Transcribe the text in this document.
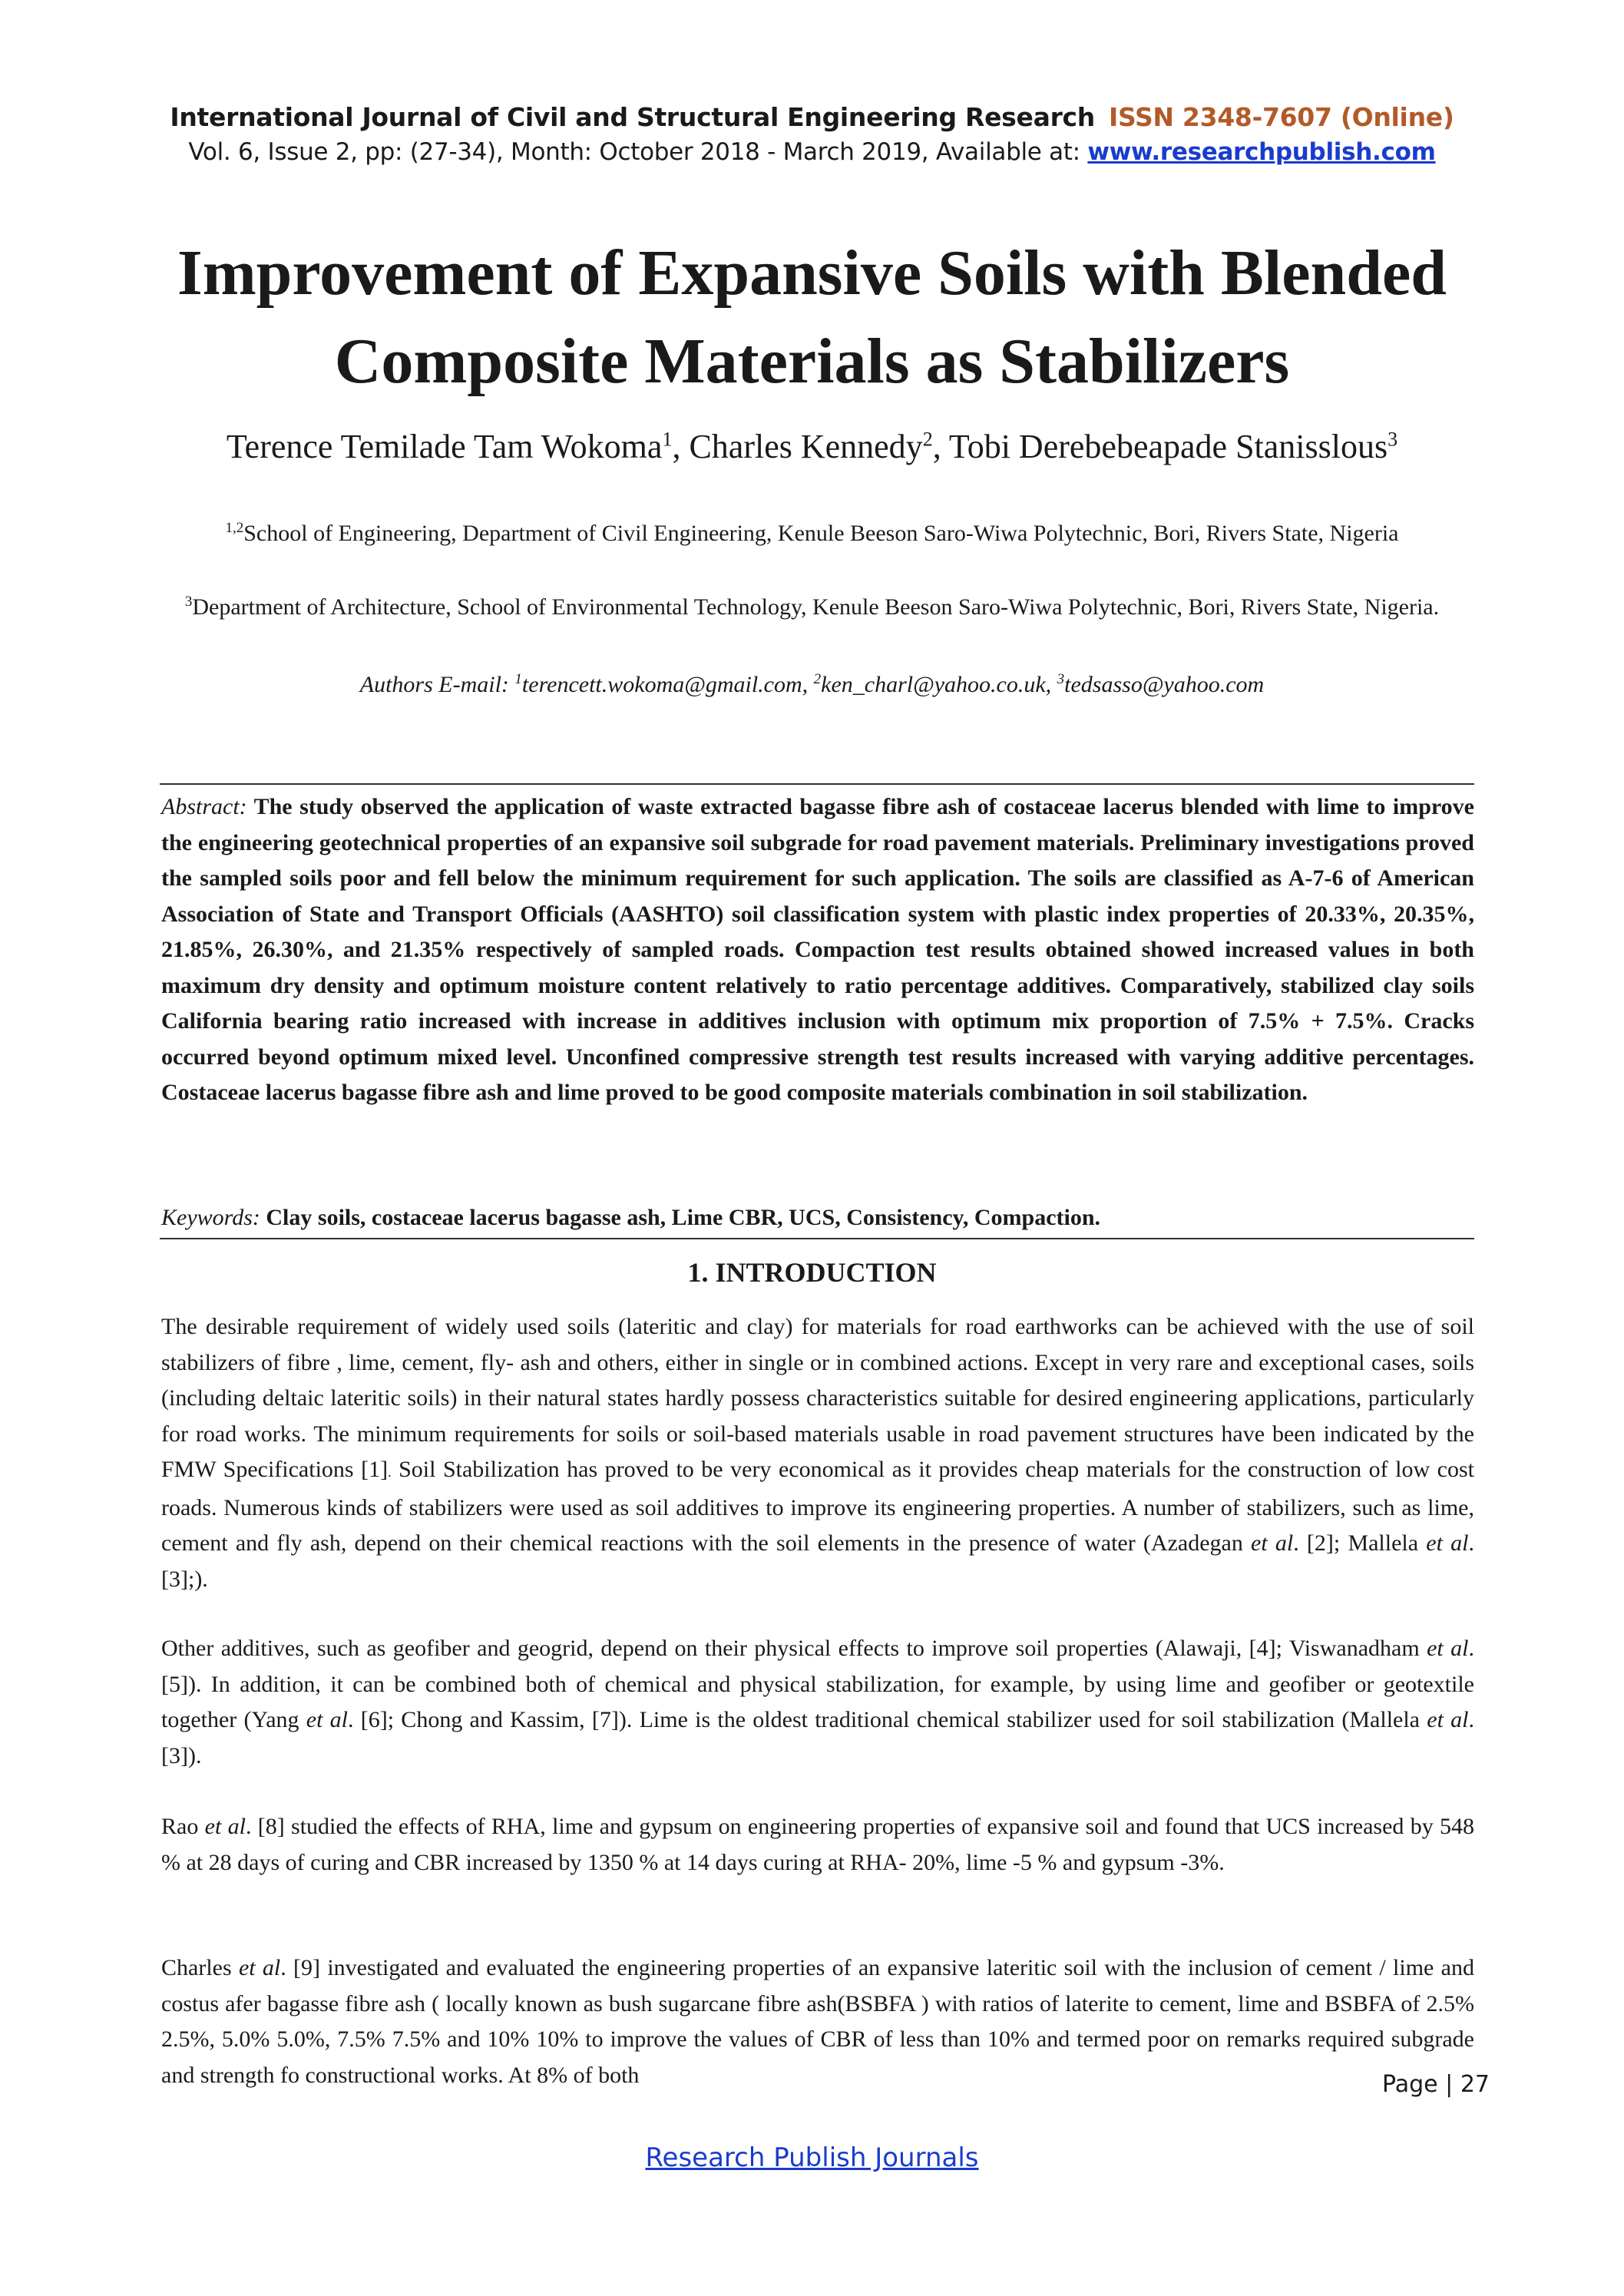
International Journal of Civil and Structural Engineering Research ISSN 2348-7607 (Online)
Vol. 6, Issue 2, pp: (27-34), Month: October 2018 - March 2019, Available at: www.researchpublish.com
Improvement of Expansive Soils with Blended
Composite Materials as Stabilizers
Terence Temilade Tam Wokoma$^1$, Charles Kennedy$^2$, Tobi Derebebeapade Stanisslous$^3$

$^{1,2}$School of Engineering, Department of Civil Engineering, Kenule Beeson Saro-Wiwa Polytechnic, Bori, Rivers State, Nigeria

$^3$Department of Architecture, School of Environmental Technology, Kenule Beeson Saro-Wiwa Polytechnic, Bori, Rivers State, Nigeria.

Authors E-mail: $^1$terencett.wokoma@gmail.com, $^2$ken_charl@yahoo.co.uk, $^3$tedsasso@yahoo.com

Abstract: The study observed the application of waste extracted bagasse fibre ash of costaceae lacerus blended with lime to improve the engineering geotechnical properties of an expansive soil subgrade for road pavement materials. Preliminary investigations proved the sampled soils poor and fell below the minimum requirement for such application. The soils are classified as A-7-6 of American Association of State and Transport Officials (AASHTO) soil classification system with plastic index properties of 20.33%, 20.35%, 21.85%, 26.30%, and 21.35% respectively of sampled roads. Compaction test results obtained showed increased values in both maximum dry density and optimum moisture content relatively to ratio percentage additives. Comparatively, stabilized clay soils California bearing ratio increased with increase in additives inclusion with optimum mix proportion of 7.5% + 7.5%. Cracks occurred beyond optimum mixed level. Unconfined compressive strength test results increased with varying additive percentages. Costaceae lacerus bagasse fibre ash and lime proved to be good composite materials combination in soil stabilization.

Keywords: Clay soils, costaceae lacerus bagasse ash, Lime CBR, UCS, Consistency, Compaction.

1. INTRODUCTION

The desirable requirement of widely used soils (lateritic and clay) for materials for road earthworks can be achieved with the use of soil stabilizers of fibre , lime, cement, fly- ash and others, either in single or in combined actions. Except in very rare and exceptional cases, soils (including deltaic lateritic soils) in their natural states hardly possess characteristics suitable for desired engineering applications, particularly for road works. The minimum requirements for soils or soil-based materials usable in road pavement structures have been indicated by the FMW Specifications [1]. Soil Stabilization has proved to be very economical as it provides cheap materials for the construction of low cost roads. Numerous kinds of stabilizers were used as soil additives to improve its engineering properties. A number of stabilizers, such as lime, cement and fly ash, depend on their chemical reactions with the soil elements in the presence of water (Azadegan et al. [2]; Mallela et al. [3];).

Other additives, such as geofiber and geogrid, depend on their physical effects to improve soil properties (Alawaji, [4]; Viswanadham et al. [5]). In addition, it can be combined both of chemical and physical stabilization, for example, by using lime and geofiber or geotextile together (Yang et al. [6]; Chong and Kassim, [7]). Lime is the oldest traditional chemical stabilizer used for soil stabilization (Mallela et al. [3]).

Rao et al. [8] studied the effects of RHA, lime and gypsum on engineering properties of expansive soil and found that UCS increased by 548 % at 28 days of curing and CBR increased by 1350 % at 14 days curing at RHA- 20%, lime -5 % and gypsum -3%.

Charles et al. [9] investigated and evaluated the engineering properties of an expansive lateritic soil with the inclusion of cement / lime and costus afer bagasse fibre ash ( locally known as bush sugarcane fibre ash(BSBFA ) with ratios of laterite to cement, lime and BSBFA of 2.5% 2.5%, 5.0% 5.0%, 7.5% 7.5% and 10% 10% to improve the values of CBR of less than 10% and termed poor on remarks required subgrade and strength fo constructional works. At 8% of both	Page | 27
Research Publish Journals
